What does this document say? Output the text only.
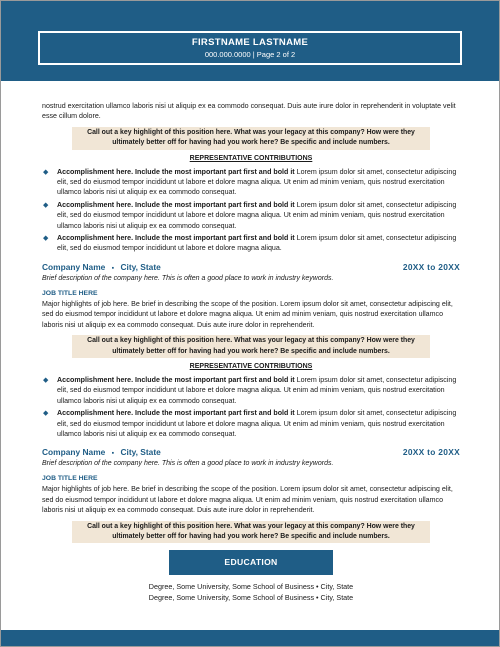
FIRSTNAME LASTNAME
000.000.0000 | Page 2 of 2

nostrud exercitation ullamco laboris nisi ut aliquip ex ea commodo consequat. Duis aute irure dolor in reprehenderit in voluptate velit esse cillum dolore.

Call out a key highlight of this position here. What was your legacy at this company? How were they ultimately better off for having had you work here? Be specific and include numbers.
REPRESENTATIVE CONTRIBUTIONS
◆ Accomplishment here. Include the most important part first and bold it Lorem ipsum dolor sit amet, consectetur adipiscing elit, sed do eiusmod tempor incididunt ut labore et dolore magna aliqua. Ut enim ad minim veniam, quis nostrud exercitation ullamco laboris nisi ut aliquip ex ea commodo consequat.
◆ Accomplishment here. Include the most important part first and bold it Lorem ipsum dolor sit amet, consectetur adipiscing elit, sed do eiusmod tempor incididunt ut labore et dolore magna aliqua. Ut enim ad minim veniam, quis nostrud exercitation ullamco laboris nisi ut aliquip ex ea commodo consequat.
◆ Accomplishment here. Include the most important part first and bold it Lorem ipsum dolor sit amet, consectetur adipiscing elit, sed do eiusmod tempor incididunt ut labore et dolore magna aliqua.
Company Name ▪ City, State	20XX to 20XX
Brief description of the company here. This is often a good place to work in industry keywords.
JOB TITLE HERE

Major highlights of job here. Be brief in describing the scope of the position. Lorem ipsum dolor sit amet, consectetur adipiscing elit, sed do eiusmod tempor incididunt ut labore et dolore magna aliqua. Ut enim ad minim veniam, quis nostrud exercitation ullamco laboris nisi ut aliquip ex ea commodo consequat. Duis aute irure dolor in reprehenderit.

Call out a key highlight of this position here. What was your legacy at this company? How were they ultimately better off for having had you work here? Be specific and include numbers.
REPRESENTATIVE CONTRIBUTIONS
◆ Accomplishment here. Include the most important part first and bold it Lorem ipsum dolor sit amet, consectetur adipiscing elit, sed do eiusmod tempor incididunt ut labore et dolore magna aliqua. Ut enim ad minim veniam, quis nostrud exercitation ullamco laboris nisi ut aliquip ex ea commodo consequat.
◆ Accomplishment here. Include the most important part first and bold it Lorem ipsum dolor sit amet, consectetur adipiscing elit, sed do eiusmod tempor incididunt ut labore et dolore magna aliqua. Ut enim ad minim veniam, quis nostrud exercitation ullamco laboris nisi ut aliquip ex ea commodo consequat.
Company Name ▪ City, State	20XX to 20XX
Brief description of the company here. This is often a good place to work in industry keywords.
JOB TITLE HERE

Major highlights of job here. Be brief in describing the scope of the position. Lorem ipsum dolor sit amet, consectetur adipiscing elit, sed do eiusmod tempor incididunt ut labore et dolore magna aliqua. Ut enim ad minim veniam, quis nostrud exercitation ullamco laboris nisi ut aliquip ex ea commodo consequat. Duis aute irure dolor in reprehenderit.

Call out a key highlight of this position here. What was your legacy at this company? How were they ultimately better off for having had you work here? Be specific and include numbers.
EDUCATION
Degree, Some University, Some School of Business • City, State
Degree, Some University, Some School of Business • City, State
